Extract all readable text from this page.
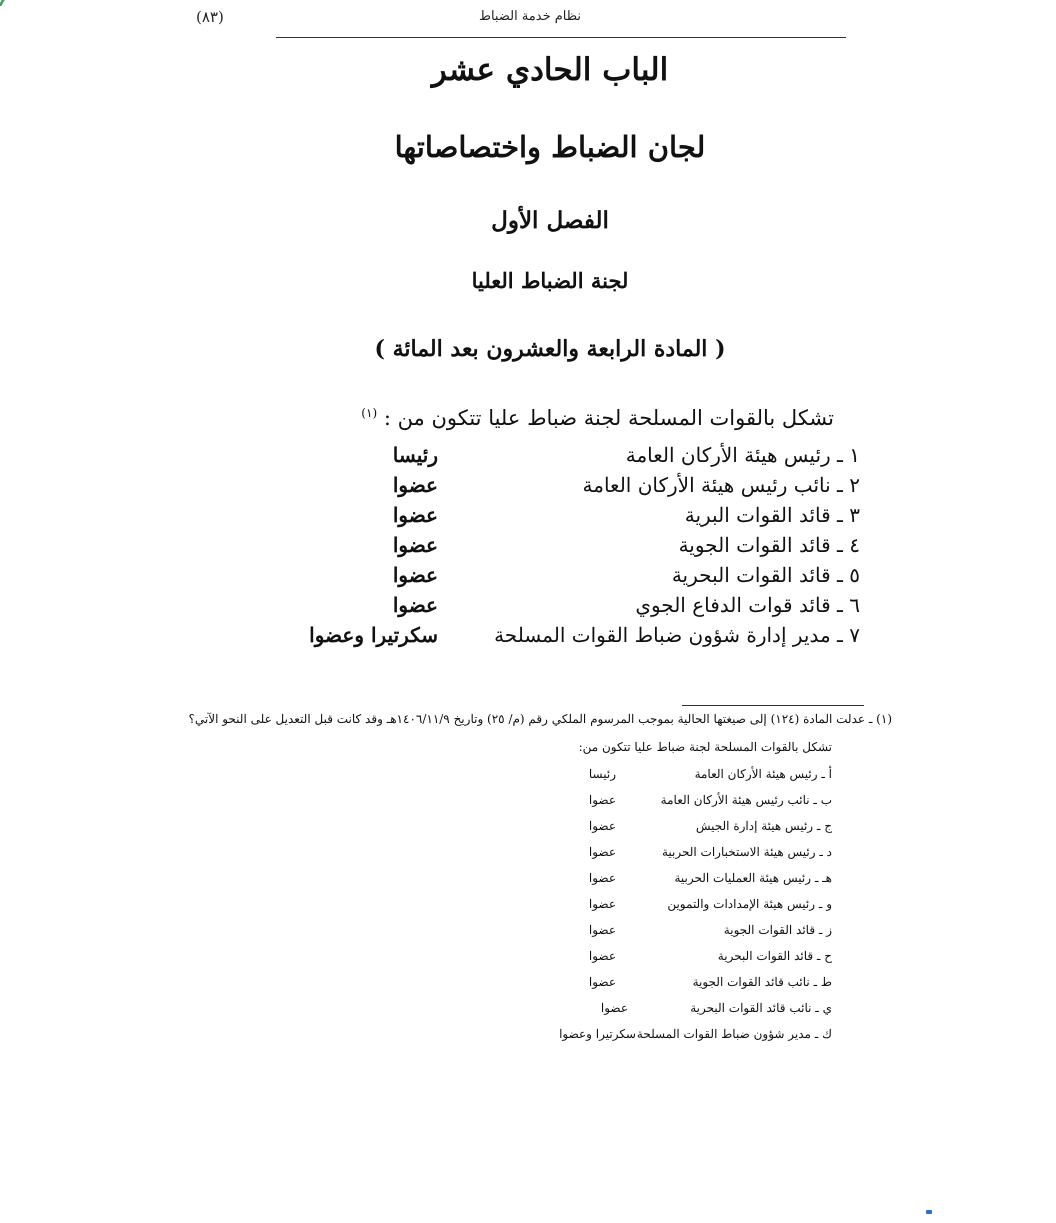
نظام خدمة الضباط
(٨٣)
الباب الحادي عشر
لجان الضباط واختصاصاتها
الفصل الأول
لجنة الضباط العليا
( المادة الرابعة والعشرون بعد المائة )
تشكل بالقوات المسلحة لجنة ضباط عليا تتكون من : $^{(١)}$
١ ـ رئيس هيئة الأركان العامة
رئيسا
٢ ـ نائب رئيس هيئة الأركان العامة
عضوا
٣ ـ قائد القوات البرية
عضوا
٤ ـ قائد القوات الجوية
عضوا
٥ ـ قائد القوات البحرية
عضوا
٦ ـ قائد قوات الدفاع الجوي
عضوا
٧ ـ مدير إدارة شؤون ضباط القوات المسلحة
سكرتيرا وعضوا
(١) ـ عدلت المادة (١٢٤) إلى صيغتها الحالية بموجب المرسوم الملكي رقم (م/ ٢٥) وتاريخ ١٤٠٦/١١/٩هـ وقد كانت قبل التعديل على النحو الآتي؟
تشكل بالقوات المسلحة لجنة ضباط عليا تتكون من:
أ ـ رئيس هيئة الأركان العامة
رئيسا
ب ـ نائب رئيس هيئة الأركان العامة
عضوا
ج ـ رئيس هيئة إدارة الجيش
عضوا
د ـ رئيس هيئة الاستخبارات الحربية
عضوا
هـ ـ رئيس هيئة العمليات الحربية
عضوا
و ـ رئيس هيئة الإمدادات والتموين
عضوا
ز ـ قائد القوات الجوية
عضوا
ح ـ قائد القوات البحرية
عضوا
ط ـ نائب قائد القوات الجوية
عضوا
ي ـ نائب قائد القوات البحرية
عضوا
ك ـ مدير شؤون ضباط القوات المسلحة
سكرتيرا وعضوا
